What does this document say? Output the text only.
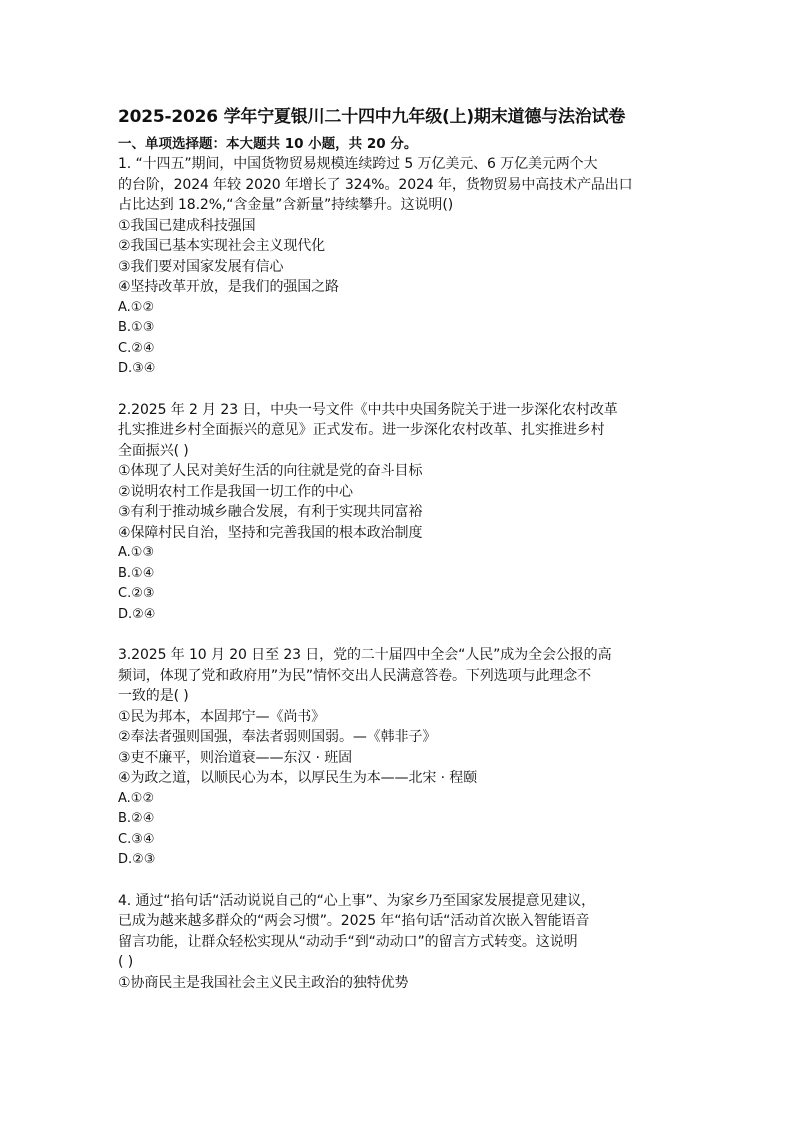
2025-2026 学年宁夏银川二十四中九年级(上)期末道德与法治试卷
一、单项选择题：本大题共 10 小题，共 20 分。
1. “十四五”期间，中国货物贸易规模连续跨过 5 万亿美元、6 万亿美元两个大
的台阶，2024 年较 2020 年增长了 324%。2024 年，货物贸易中高技术产品出口
占比达到 18.2%,“含金量”含新量”持续攀升。这说明()
①我国已建成科技强国
②我国已基本实现社会主义现代化
③我们要对国家发展有信心
④坚持改革开放，是我们的强国之路
A.①②
B.①③
C.②④
D.③④
2.2025 年 2 月 23 日，中央一号文件《中共中央国务院关于进一步深化农村改革
扎实推进乡村全面振兴的意见》正式发布。进一步深化农村改革、扎实推进乡村
全面振兴( )
①体现了人民对美好生活的向往就是党的奋斗目标
②说明农村工作是我国一切工作的中心
③有利于推动城乡融合发展，有利于实现共同富裕
④保障村民自治，坚持和完善我国的根本政治制度
A.①③
B.①④
C.②③
D.②④
3.2025 年 10 月 20 日至 23 日，党的二十届四中全会“人民”成为全会公报的高
频词，体现了党和政府用”为民”情怀交出人民满意答卷。下列选项与此理念不
一致的是( )
①民为邦本，本固邦宁—《尚书》
②奉法者强则国强，奉法者弱则国弱。—《韩非子》
③吏不廉平，则治道衰——东汉 · 班固
④为政之道，以顺民心为本，以厚民生为本——北宋 · 程颐
A.①②
B.②④
C.③④
D.②③
4. 通过“掐句话“活动说说自己的“心上事”、为家乡乃至国家发展提意见建议，
已成为越来越多群众的“两会习惯”。2025 年“掐句话“活动首次嵌入智能语音
留言功能，让群众轻松实现从“动动手“到“动动口”的留言方式转变。这说明
( )
①协商民主是我国社会主义民主政治的独特优势
